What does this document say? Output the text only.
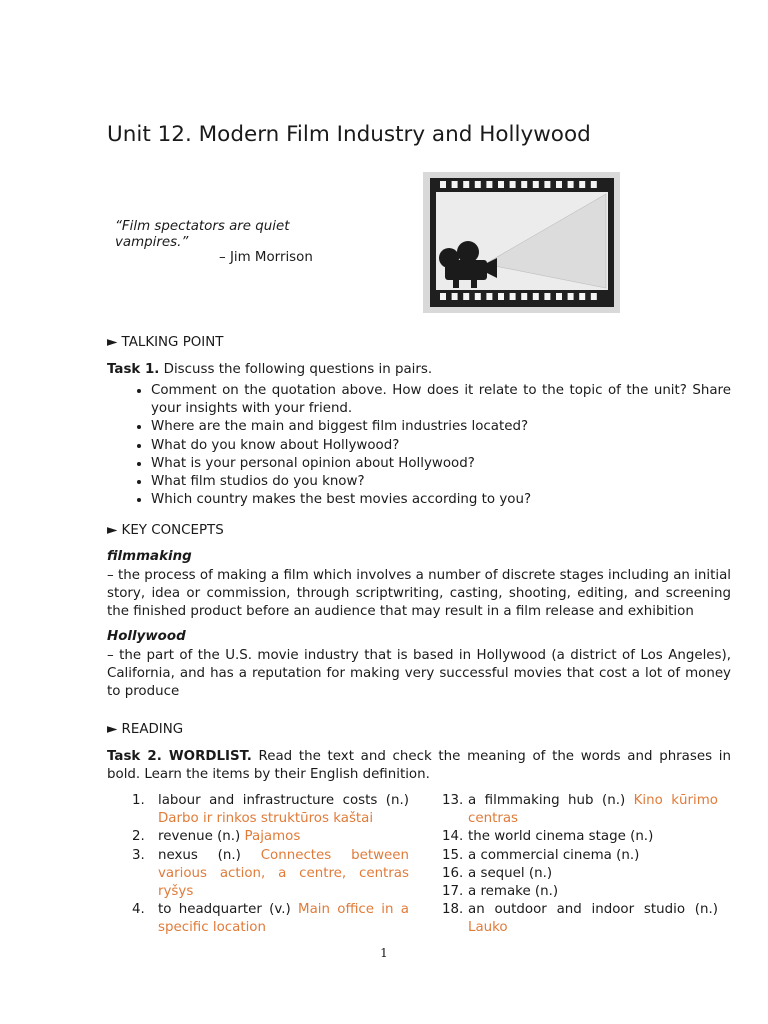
Unit 12. Modern Film Industry and Hollywood
“Film spectators are quiet vampires.”
– Jim Morrison
► TALKING POINT
Task 1. Discuss the following questions in pairs.
• Comment on the quotation above. How does it relate to the topic of the unit? Share your insights with your friend.
• Where are the main and biggest film industries located?
• What do you know about Hollywood?
• What is your personal opinion about Hollywood?
• What film studios do you know?
• Which country makes the best movies according to you?
► KEY CONCEPTS
filmmaking
– the process of making a film which involves a number of discrete stages including an initial story, idea or commission, through scriptwriting, casting, shooting, editing, and screening the finished product before an audience that may result in a film release and exhibition
Hollywood
– the part of the U.S. movie industry that is based in Hollywood (a district of Los Angeles), California, and has a reputation for making very successful movies that cost a lot of money to produce
► READING
Task 2. WORDLIST. Read the text and check the meaning of the words and phrases in bold. Learn the items by their English definition.
1. labour and infrastructure costs (n.) Darbo ir rinkos struktūros kaštai
2. revenue (n.) Pajamos
3. nexus (n.) Connectes between various action, a centre, centras ryšys
4. to headquarter (v.) Main office in a specific location
13. a filmmaking hub (n.) Kino kūrimo centras
14. the world cinema stage (n.)
15. a commercial cinema (n.)
16. a sequel (n.)
17. a remake (n.)
18. an outdoor and indoor studio (n.) Lauko
1
